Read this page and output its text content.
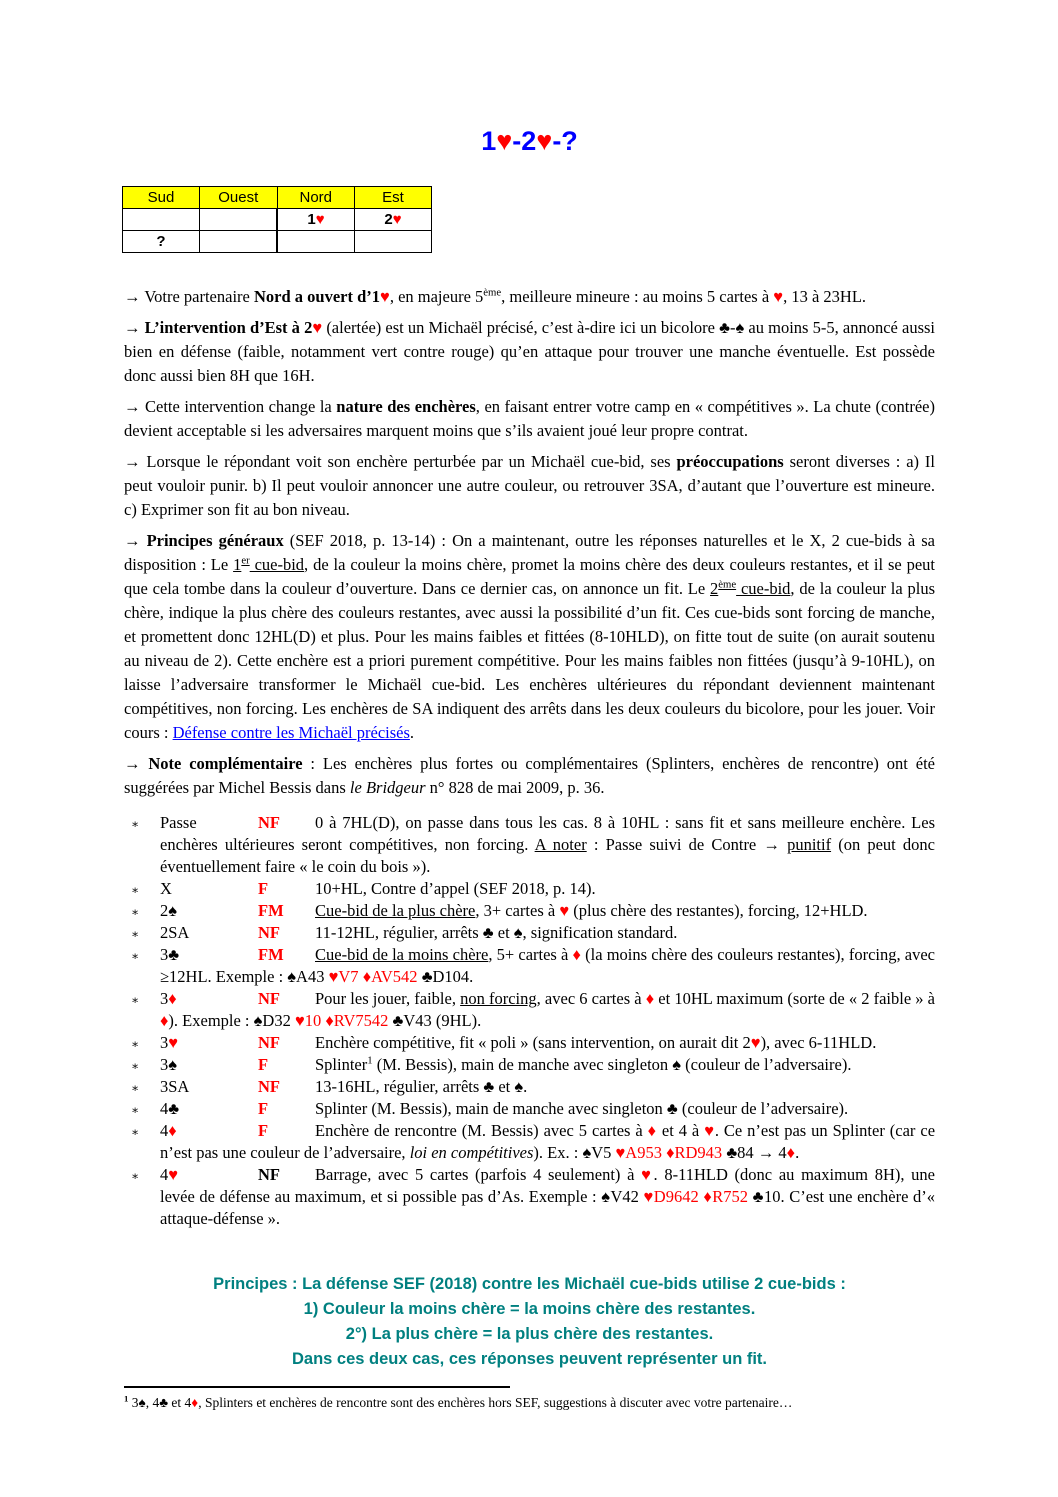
1♥-2♥-?
Sud	Ouest	Nord	Est
		1♥	2♥
?			
→ Votre partenaire Nord a ouvert d’1♥, en majeure 5ème, meilleure mineure : au moins 5 cartes à ♥, 13 à 23HL.
→ L’intervention d’Est à 2♥ (alertée) est un Michaël précisé, c’est à-dire ici un bicolore ♣-♠ au moins 5-5, annoncé aussi bien en défense (faible, notamment vert contre rouge) qu’en attaque pour trouver une manche éventuelle. Est possède donc aussi bien 8H que 16H.
→ Cette intervention change la nature des enchères, en faisant entrer votre camp en « compétitives ». La chute (contrée) devient acceptable si les adversaires marquent moins que s’ils avaient joué leur propre contrat.
→ Lorsque le répondant voit son enchère perturbée par un Michaël cue-bid, ses préoccupations seront diverses : a) Il peut vouloir punir. b) Il peut vouloir annoncer une autre couleur, ou retrouver 3SA, d’autant que l’ouverture est mineure. c) Exprimer son fit au bon niveau.
→ Principes généraux (SEF 2018, p. 13-14) : On a maintenant, outre les réponses naturelles et le X, 2 cue-bids à sa disposition : Le 1er cue-bid, de la couleur la moins chère, promet la moins chère des deux couleurs restantes, et il se peut que cela tombe dans la couleur d’ouverture. Dans ce dernier cas, on annonce un fit. Le 2ème cue-bid, de la couleur la plus chère, indique la plus chère des couleurs restantes, avec aussi la possibilité d’un fit. Ces cue-bids sont forcing de manche, et promettent donc 12HL(D) et plus. Pour les mains faibles et fittées (8-10HLD), on fitte tout de suite (on aurait soutenu au niveau de 2). Cette enchère est a priori purement compétitive. Pour les mains faibles non fittées (jusqu’à 9-10HL), on laisse l’adversaire transformer le Michaël cue-bid. Les enchères ultérieures du répondant deviennent maintenant compétitives, non forcing. Les enchères de SA indiquent des arrêts dans les deux couleurs du bicolore, pour les jouer. Voir cours : Défense contre les Michaël précisés.
→ Note complémentaire : Les enchères plus fortes ou complémentaires (Splinters, enchères de rencontre) ont été suggérées par Michel Bessis dans le Bridgeur n° 828 de mai 2009, p. 36.
∗ Passe	NF 0 à 7HL(D), on passe dans tous les cas. 8 à 10HL : sans fit et sans meilleure enchère. Les enchères ultérieures seront compétitives, non forcing. A noter : Passe suivi de Contre → punitif (on peut donc éventuellement faire « le coin du bois »).
∗ X	F	10+HL, Contre d’appel (SEF 2018, p. 14).
∗ 2♠	FM Cue-bid de la plus chère, 3+ cartes à ♥ (plus chère des restantes), forcing, 12+HLD.
∗ 2SA	NF 11-12HL, régulier, arrêts ♣ et ♠, signification standard.
∗ 3♣	FM Cue-bid de la moins chère, 5+ cartes à ♦ (la moins chère des couleurs restantes), forcing, avec ≥12HL. Exemple : ♠A43 ♥V7 ♦AV542 ♣D104.
∗ 3♦	NF Pour les jouer, faible, non forcing, avec 6 cartes à ♦ et 10HL maximum (sorte de « 2 faible » à ♦). Exemple : ♠D32 ♥10 ♦RV7542 ♣V43 (9HL).
∗ 3♥	NF Enchère compétitive, fit « poli » (sans intervention, on aurait dit 2♥), avec 6-11HLD.
∗ 3♠	F	Splinter$^1$ (M. Bessis), main de manche avec singleton ♠ (couleur de l’adversaire).
∗ 3SA	NF 13-16HL, régulier, arrêts ♣ et ♠.
∗ 4♣	F	Splinter (M. Bessis), main de manche avec singleton ♣ (couleur de l’adversaire).
∗ 4♦	F	Enchère de rencontre (M. Bessis) avec 5 cartes à ♦ et 4 à ♥. Ce n’est pas un Splinter (car ce n’est pas une couleur de l’adversaire, loi en compétitives). Ex. : ♠V5 ♥A953 ♦RD943 ♣84 → 4♦.
∗ 4♥	NF Barrage, avec 5 cartes (parfois 4 seulement) à ♥. 8-11HLD (donc au maximum 8H), une levée de défense au maximum, et si possible pas d’As. Exemple : ♠V42 ♥D9642 ♦R752 ♣10. C’est une enchère d’« attaque-défense ».
Principes : La défense SEF (2018) contre les Michaël cue-bids utilise 2 cue-bids :
1) Couleur la moins chère = la moins chère des restantes.
2°) La plus chère = la plus chère des restantes.
Dans ces deux cas, ces réponses peuvent représenter un fit.
$^1$ 3♠, 4♣ et 4♦, Splinters et enchères de rencontre sont des enchères hors SEF, suggestions à discuter avec votre partenaire…
